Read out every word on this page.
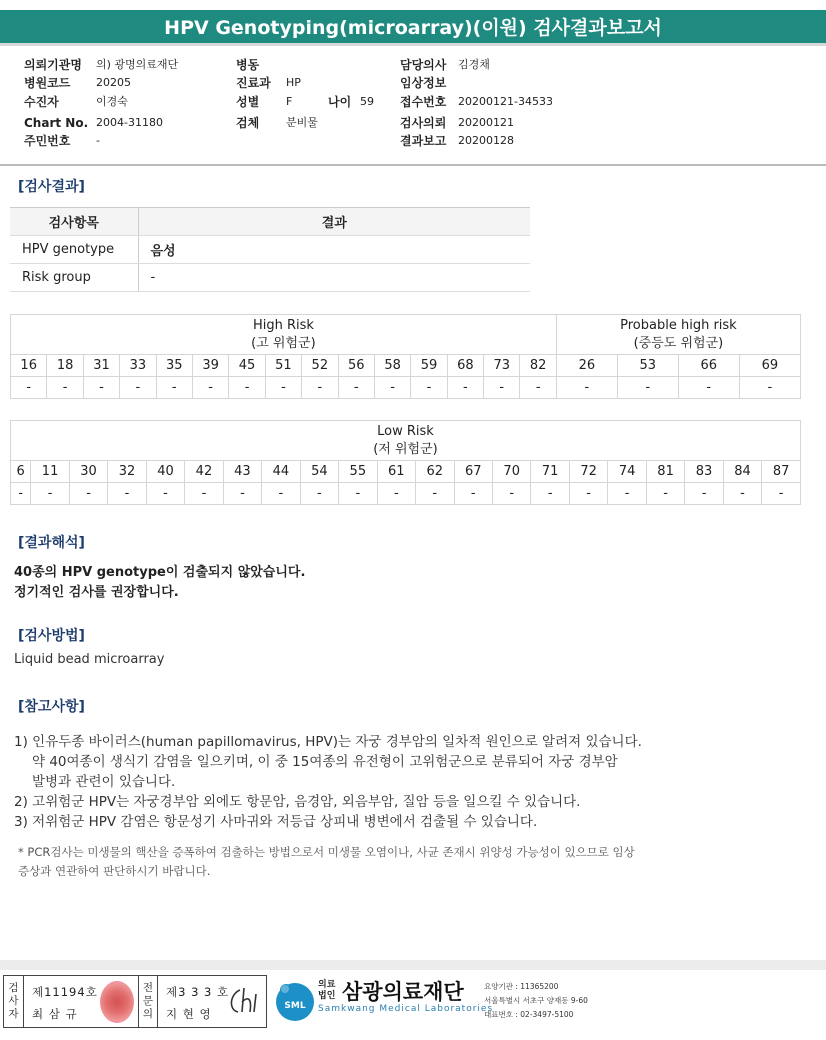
HPV Genotyping(microarray)(이원) 검사결과보고서
의뢰기관명 의) 광명의료재단
병원코드 20205
수진자	이경숙
Chart No. 2004-31180
주민번호 -
병동
진료과 HP
성별 F
검체 분비물
나이 59
담당의사 김경채
임상정보
접수번호 20200121-34533
검사의뢰 20200121
결과보고 20200128
[검사결과]
검사항목	결과
HPV genotype	음성
Risk group	-
High Risk
(고 위험군)															Probable high risk
(중등도 위험군)			
16	18	31	33	35	39	45	51	52	56	58	59	68	73	82	26	53	66	69
-	-	-	-	-	-	-	-	-	-	-	-	-	-	-	-	-	-	-
Low Risk
(저 위험군)																				
6	11	30	32	40	42	43	44	54	55	61	62	67	70	71	72	74	81	83	84	87
-	-	-	-	-	-	-	-	-	-	-	-	-	-	-	-	-	-	-	-	-
[결과해석]
40종의 HPV genotype이 검출되지 않았습니다.
정기적인 검사를 권장합니다.
[검사방법]
Liquid bead microarray
[참고사항]

1) 인유두종 바이러스(human papillomavirus, HPV)는 자궁 경부암의 일차적 원인으로 알려져 있습니다.

약 40여종이 생식기 감염을 일으키며, 이 중 15여종의 유전형이 고위험군으로 분류되어 자궁 경부암

발병과 관련이 있습니다.

2) 고위험군 HPV는 자궁경부암 외에도 항문암, 음경암, 외음부암, 질암 등을 일으킬 수 있습니다.

3) 저위험군 HPV 감염은 항문성기 사마귀와 저등급 상피내 병변에서 검출될 수 있습니다.

* PCR검사는 미생물의 핵산을 증폭하여 검출하는 방법으로서 미생물 오염이나, 사균 존재시 위양성 가능성이 있으므로 임상
증상과 연관하여 판단하시기 바랍니다.
검
사
자
제11194호
최 삼 규
전
문
의
제3 3 3 호
지 현 영
SML
의료
법인 삼광의료재단
Samkwang Medical Laboratories
요양기관 : 11365200
서울특별시 서초구 양재동 9-60
대표번호 : 02-3497-5100
